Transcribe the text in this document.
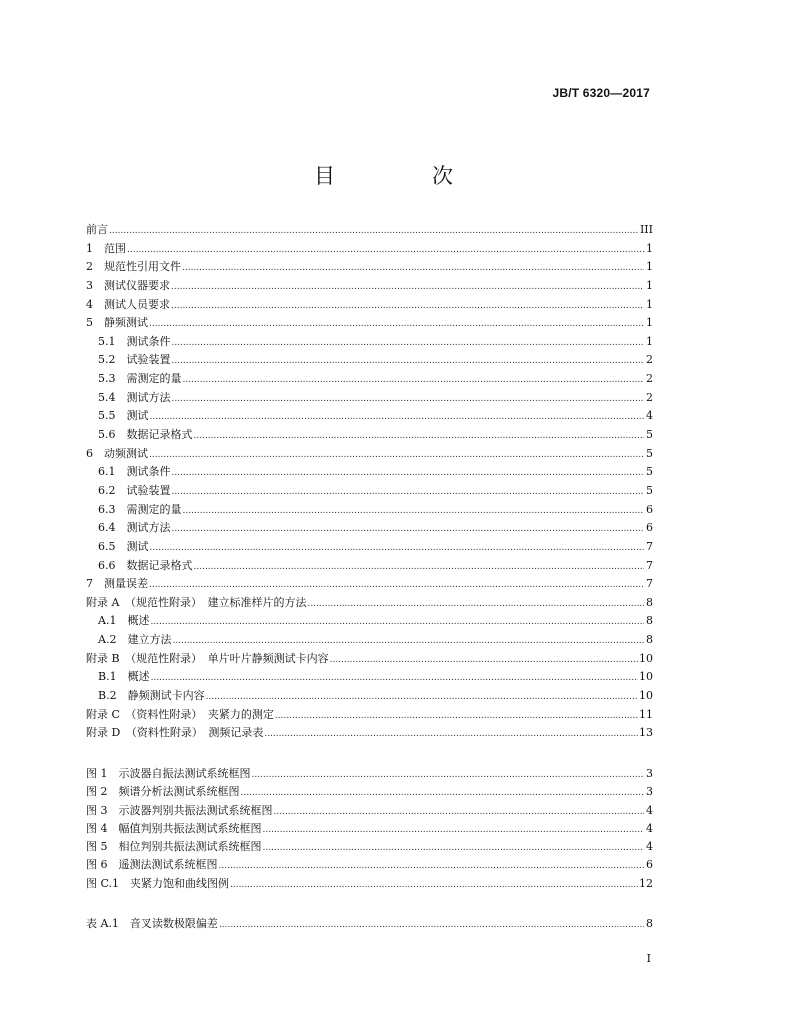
JB/T 6320—2017
目　次
前言 .....	III
1　范围 .....	1
2　规范性引用文件 .....	1
3　测试仪器要求 .....	1
4　测试人员要求 .....	1
5　静频测试 .....	1
5.1　测试条件 .....	1
5.2　试验装置 .....	2
5.3　需测定的量 .....	2
5.4　测试方法 .....	2
5.5　测试 .....	4
5.6　数据记录格式 .....	5
6　动频测试 .....	5
6.1　测试条件 .....	5
6.2　试验装置 .....	5
6.3　需测定的量 .....	6
6.4　测试方法 .....	6
6.5　测试 .....	7
6.6　数据记录格式 .....	7
7　测量误差 .....	7
附录 A　（规范性附录）　建立标准样片的方法 .....	8
A.1　概述 .....	8
A.2　建立方法 .....	8
附录 B　（规范性附录）　单片叶片静频测试卡内容 .....	10
B.1　概述 .....	10
B.2　静频测试卡内容 .....	10
附录 C　（资料性附录）　夹紧力的测定 .....	11
附录 D　（资料性附录）　测频记录表 .....	13
图 1　示波器自振法测试系统框图 .....	3
图 2　频谱分析法测试系统框图 .....	3
图 3　示波器判别共振法测试系统框图 .....	4
图 4　幅值判别共振法测试系统框图 .....	4
图 5　相位判别共振法测试系统框图 .....	4
图 6　遥测法测试系统框图 .....	6
图 C.1　夹紧力饱和曲线图例 .....	12
表 A.1　音叉读数极限偏差 .....	8
I
